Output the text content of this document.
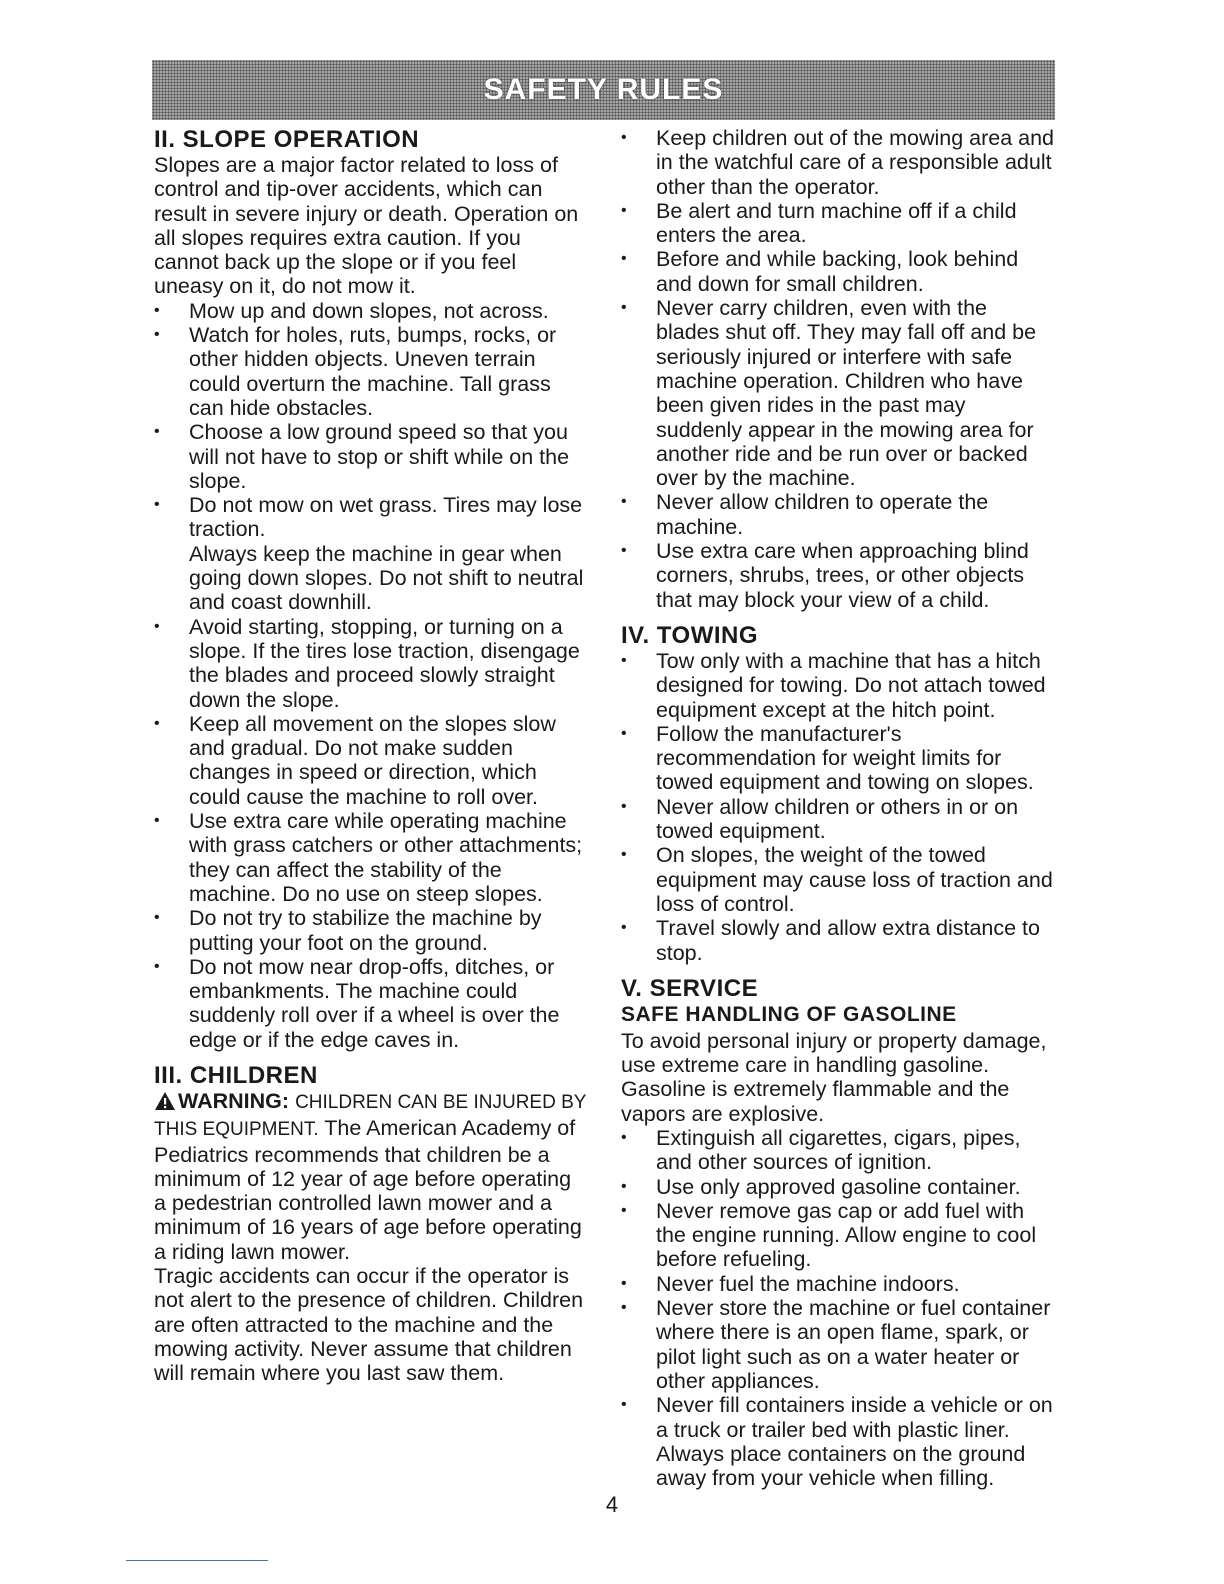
SAFETY RULES
II. SLOPE OPERATION

Slopes are a major factor related to loss of control and tip-over accidents, which can result in severe injury or death. Operation on all slopes requires extra caution. If you cannot back up the slope or if you feel uneasy on it, do not mow it.

• Mow up and down slopes, not across.
• Watch for holes, ruts, bumps, rocks, or other hidden objects. Uneven terrain could overturn the machine. Tall grass can hide obstacles.
• Choose a low ground speed so that you will not have to stop or shift while on the slope.
• Do not mow on wet grass. Tires may lose traction.
Always keep the machine in gear when going down slopes. Do not shift to neutral and coast downhill.
• Avoid starting, stopping, or turning on a slope. If the tires lose traction, disengage the blades and proceed slowly straight down the slope.
• Keep all movement on the slopes slow and gradual. Do not make sudden changes in speed or direction, which could cause the machine to roll over.
• Use extra care while operating machine with grass catchers or other attachments; they can affect the stability of the machine. Do no use on steep slopes.
• Do not try to stabilize the machine by putting your foot on the ground.
• Do not mow near drop-offs, ditches, or embankments. The machine could suddenly roll over if a wheel is over the edge or if the edge caves in.
III. CHILDREN

WARNING: CHILDREN CAN BE INJURED BY THIS EQUIPMENT. The American Academy of Pediatrics recommends that children be a minimum of 12 year of age before operating a pedestrian controlled lawn mower and a minimum of 16 years of age before operating a riding lawn mower.

Tragic accidents can occur if the operator is not alert to the presence of children. Children are often attracted to the machine and the mowing activity. Never assume that children will remain where you last saw them.

• Keep children out of the mowing area and in the watchful care of a responsible adult other than the operator.
• Be alert and turn machine off if a child enters the area.
• Before and while backing, look behind and down for small children.
• Never carry children, even with the blades shut off. They may fall off and be seriously injured or interfere with safe machine operation. Children who have been given rides in the past may suddenly appear in the mowing area for another ride and be run over or backed over by the machine.
• Never allow children to operate the machine.
• Use extra care when approaching blind corners, shrubs, trees, or other objects that may block your view of a child.
IV. TOWING
• Tow only with a machine that has a hitch designed for towing. Do not attach towed equipment except at the hitch point.
• Follow the manufacturer's recommendation for weight limits for towed equipment and towing on slopes.
• Never allow children or others in or on towed equipment.
• On slopes, the weight of the towed equipment may cause loss of traction and loss of control.
• Travel slowly and allow extra distance to stop.
V. SERVICE
SAFE HANDLING OF GASOLINE

To avoid personal injury or property damage, use extreme care in handling gasoline. Gasoline is extremely flammable and the vapors are explosive.

• Extinguish all cigarettes, cigars, pipes, and other sources of ignition.
• Use only approved gasoline container.
• Never remove gas cap or add fuel with the engine running. Allow engine to cool before refueling.
• Never fuel the machine indoors.
• Never store the machine or fuel container where there is an open flame, spark, or pilot light such as on a water heater or other appliances.
• Never fill containers inside a vehicle or on a truck or trailer bed with plastic liner. Always place containers on the ground away from your vehicle when filling.
4
